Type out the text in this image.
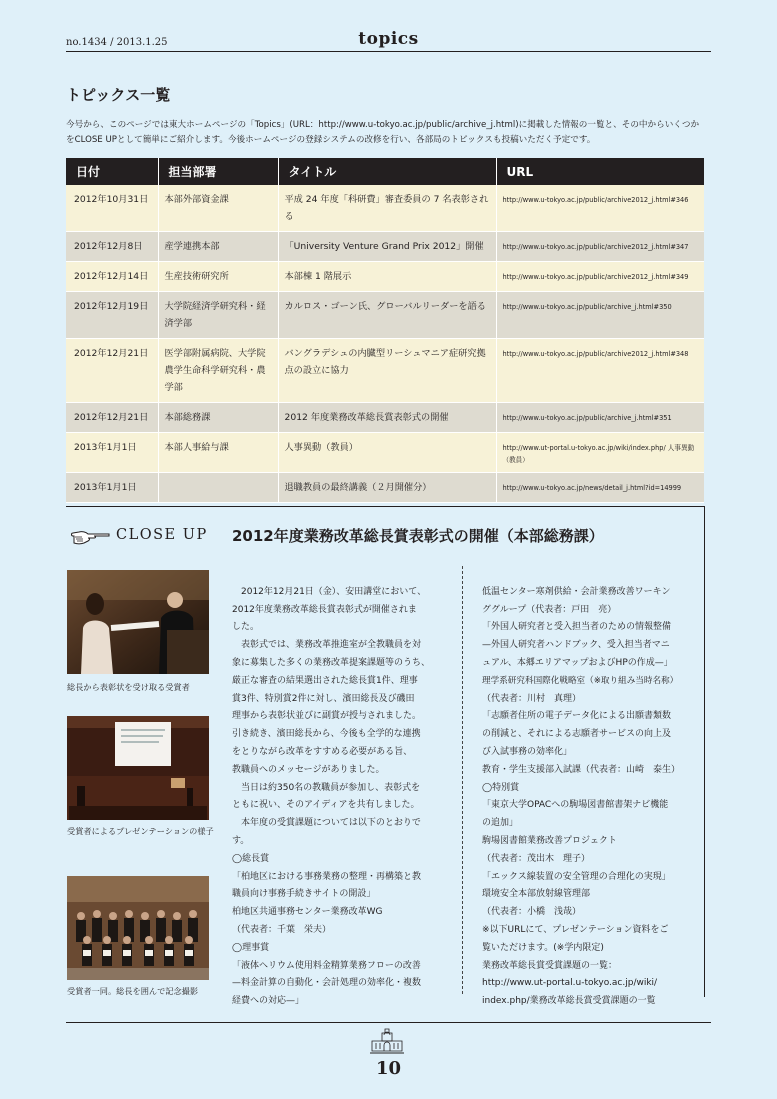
no.1434 / 2013.1.25	topics
トピックス一覧
今号から、このページでは東大ホームページの「Topics」(URL：http://www.u-tokyo.ac.jp/public/archive_j.html)に掲載した情報の一覧と、その中からいくつかをCLOSE UPとして簡単にご紹介します。今後ホームページの登録システムの改修を行い、各部局のトピックスも投稿いただく予定です。
日付	担当部署	タイトル	URL
2012年10月31日	本部外部資金課	平成 24 年度「科研費」審査委員の 7 名表彰される	http://www.u-tokyo.ac.jp/public/archive2012_j.html#346
2012年12月8日	産学連携本部	「University Venture Grand Prix 2012」開催	http://www.u-tokyo.ac.jp/public/archive2012_j.html#347
2012年12月14日	生産技術研究所	本部棟 1 階展示	http://www.u-tokyo.ac.jp/public/archive2012_j.html#349
2012年12月19日	大学院経済学研究科・経済学部	カルロス・ゴーン氏、グローバルリーダーを語る	http://www.u-tokyo.ac.jp/public/archive_j.html#350
2012年12月21日	医学部附属病院、大学院農学生命科学研究科・農学部	バングラデシュの内臓型リーシュマニア症研究拠点の設立に協力	http://www.u-tokyo.ac.jp/public/archive2012_j.html#348
2012年12月21日	本部総務課	2012 年度業務改革総長賞表彰式の開催	http://www.u-tokyo.ac.jp/public/archive_j.html#351
2013年1月1日	本部人事給与課	人事異動（教員）	http://www.ut-portal.u-tokyo.ac.jp/wiki/index.php/ 人事異動（教員）
2013年1月1日		退職教員の最終講義（２月開催分）	http://www.u-tokyo.ac.jp/news/detail_j.html?id=14999
CLOSE UP 2012年度業務改革総長賞表彰式の開催（本部総務課）
総長から表彰状を受け取る受賞者
受賞者によるプレゼンテーションの様子
受賞者一同。総長を囲んで記念撮影

　2012年12月21日（金）、安田講堂において、
2012年度業務改革総長賞表彰式が開催されま
した。
　表彰式では、業務改革推進室が全教職員を対
象に募集した多くの業務改革提案課題等のうち、
厳正な審査の結果選出された総長賞1件、理事
賞3件、特別賞2件に対し、濱田総長及び磯田
理事から表彰状並びに副賞が授与されました。
引き続き、濱田総長から、今後も全学的な連携
をとりながら改革をすすめる必要がある旨、
教職員へのメッセージがありました。
　当日は約350名の教職員が参加し、表彰式を
ともに祝い、そのアイディアを共有しました。
　本年度の受賞課題については以下のとおりで
す。
◯総長賞
「柏地区における事務業務の整理・再構築と教
職員向け事務手続きサイトの開設」
柏地区共通事務センター業務改革WG
（代表者：千葉　栄夫）
◯理事賞
「液体ヘリウム使用料金精算業務フローの改善
—料金計算の自動化・会計処理の効率化・複数
経費への対応—」

低温センター寒剤供給・会計業務改善ワーキン
ググループ（代表者：戸田　亮）
「外国人研究者と受入担当者のための情報整備
—外国人研究者ハンドブック、受入担当者マニ
ュアル、本郷エリアマップおよびHPの作成—」
理学系研究科国際化戦略室（※取り組み当時名称）
（代表者：川村　真理）
「志願者住所の電子データ化による出願書類数
の削減と、それによる志願者サービスの向上及
び入試事務の効率化」
教育・学生支援部入試課（代表者：山崎　泰生）
◯特別賞
「東京大学OPACへの駒場図書館書架ナビ機能
の追加」
駒場図書館業務改善プロジェクト
（代表者：茂出木　理子）
「エックス線装置の安全管理の合理化の実現」
環境安全本部放射線管理部
（代表者：小橋　浅哉）
※以下URLにて、プレゼンテーション資料をご
覧いただけます。(※学内限定)
業務改革総長賞受賞課題の一覧：
http://www.ut-portal.u-tokyo.ac.jp/wiki/
index.php/業務改革総長賞受賞課題の一覧

10
